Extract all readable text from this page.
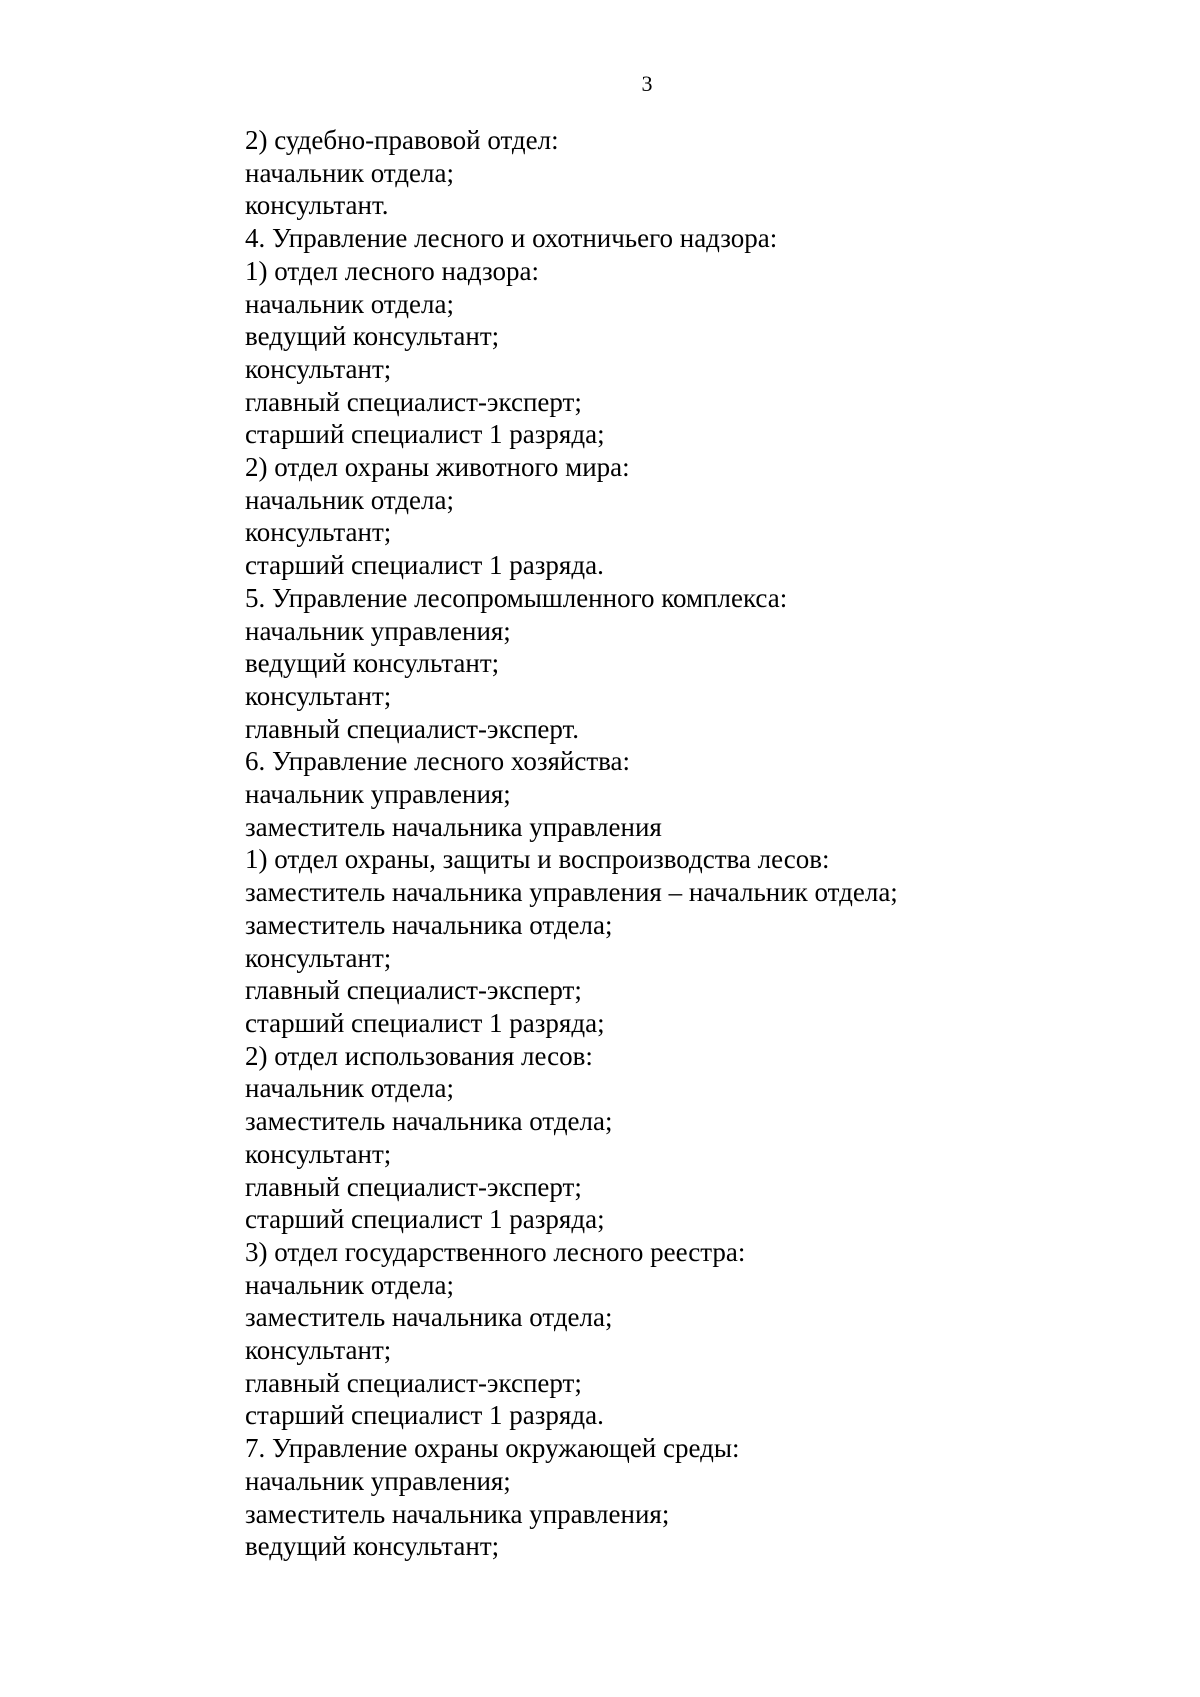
3
2) судебно-правовой отдел:
начальник отдела;
консультант.
4. Управление лесного и охотничьего надзора:
1) отдел лесного надзора:
начальник отдела;
ведущий консультант;
консультант;
главный специалист-эксперт;
старший специалист 1 разряда;
2) отдел охраны животного мира:
начальник отдела;
консультант;
старший специалист 1 разряда.
5. Управление лесопромышленного комплекса:
начальник управления;
ведущий консультант;
консультант;
главный специалист-эксперт.
6. Управление лесного хозяйства:
начальник управления;
заместитель начальника управления
1) отдел охраны, защиты и воспроизводства лесов:
заместитель начальника управления – начальник отдела;
заместитель начальника отдела;
консультант;
главный специалист-эксперт;
старший специалист 1 разряда;
2) отдел использования лесов:
начальник отдела;
заместитель начальника отдела;
консультант;
главный специалист-эксперт;
старший специалист 1 разряда;
3) отдел государственного лесного реестра:
начальник отдела;
заместитель начальника отдела;
консультант;
главный специалист-эксперт;
старший специалист 1 разряда.
7. Управление охраны окружающей среды:
начальник управления;
заместитель начальника управления;
ведущий консультант;
